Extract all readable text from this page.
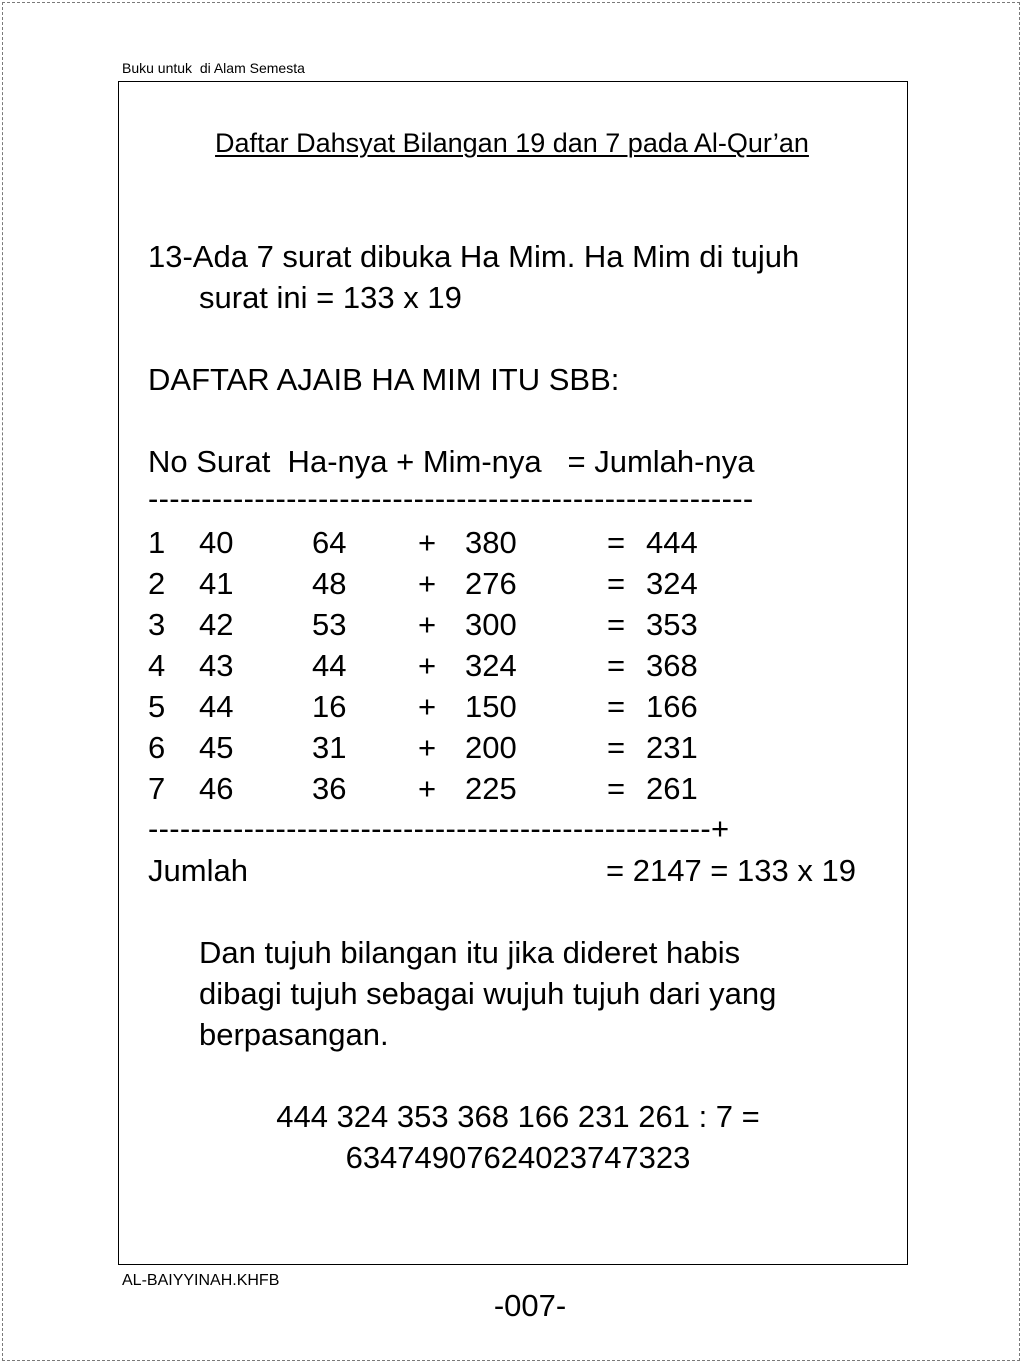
Buku untuk  di Alam Semesta
Daftar Dahsyat Bilangan 19 dan 7 pada Al-Qur’an
13-Ada 7 surat dibuka Ha Mim. Ha Mim di tujuh
surat ini = 133 x 19
DAFTAR AJAIB HA MIM ITU SBB:
No Surat  Ha-nya + Mim-nya   = Jumlah-nya
---------------------------------------------------------
1 40	64 + 380	= 444
2 41	48 + 276	= 324
3 42	53 + 300	= 353
4 43	44 + 324	= 368
5 44	16 + 150	= 166
6 45	31 + 200	= 231
7 46	36 + 225	= 261
-----------------------------------------------------+
Jumlah	= 2147 = 133 x 19
Dan tujuh bilangan itu jika dideret habis
dibagi tujuh sebagai wujuh tujuh dari yang
berpasangan.
444 324 353 368 166 231 261 : 7 =
63474907624023747323
AL-BAIYYINAH.KHFB
-007-
